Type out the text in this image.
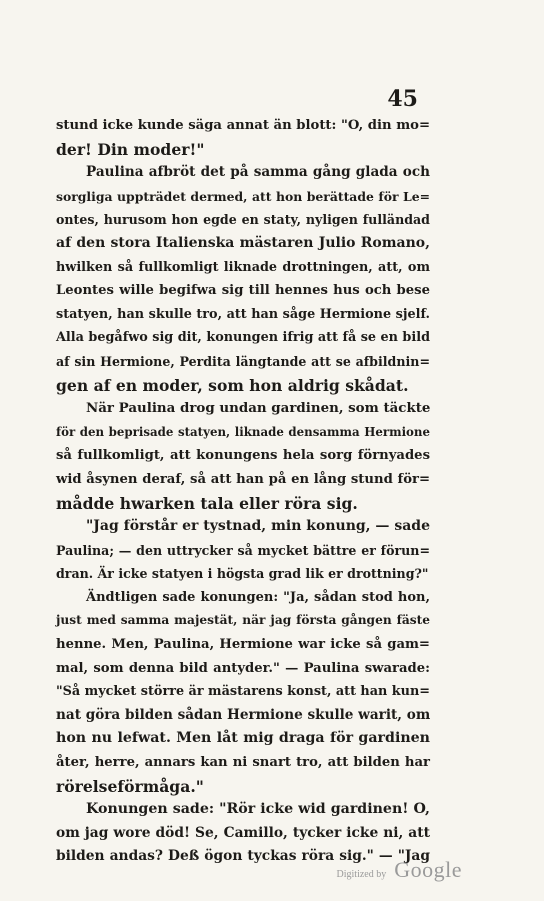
45
stund icke kunde säga annat än blott: "O, din mo=
der! Din moder!"
Paulina afbröt det på samma gång glada och
sorgliga uppträdet dermed, att hon berättade för Le=
ontes, hurusom hon egde en staty, nyligen fulländad
af den stora Italienska mästaren Julio Romano,
hwilken så fullkomligt liknade drottningen, att, om
Leontes wille begifwa sig till hennes hus och bese
statyen, han skulle tro, att han såge Hermione sjelf.
Alla begåfwo sig dit, konungen ifrig att få se en bild
af sin Hermione, Perdita längtande att se afbildnin=
gen af en moder, som hon aldrig skådat.
När Paulina drog undan gardinen, som täckte
för den beprisade statyen, liknade densamma Hermione
så fullkomligt, att konungens hela sorg förnyades
wid åsynen deraf, så att han på en lång stund för=
mådde hwarken tala eller röra sig.
"Jag förstår er tystnad, min konung, — sade
Paulina; — den uttrycker så mycket bättre er förun=
dran. Är icke statyen i högsta grad lik er drottning?"
Ändtligen sade konungen: "Ja, sådan stod hon,
just med samma majestät, när jag första gången fäste
henne. Men, Paulina, Hermione war icke så gam=
mal, som denna bild antyder." — Paulina swarade:
"Så mycket större är mästarens konst, att han kun=
nat göra bilden sådan Hermione skulle warit, om
hon nu lefwat. Men låt mig draga för gardinen
åter, herre, annars kan ni snart tro, att bilden har
rörelseförmåga."
Konungen sade: "Rör icke wid gardinen! O,
om jag wore död! Se, Camillo, tycker icke ni, att
bilden andas? Deß ögon tyckas röra sig." — "Jag
Digitized by Google
